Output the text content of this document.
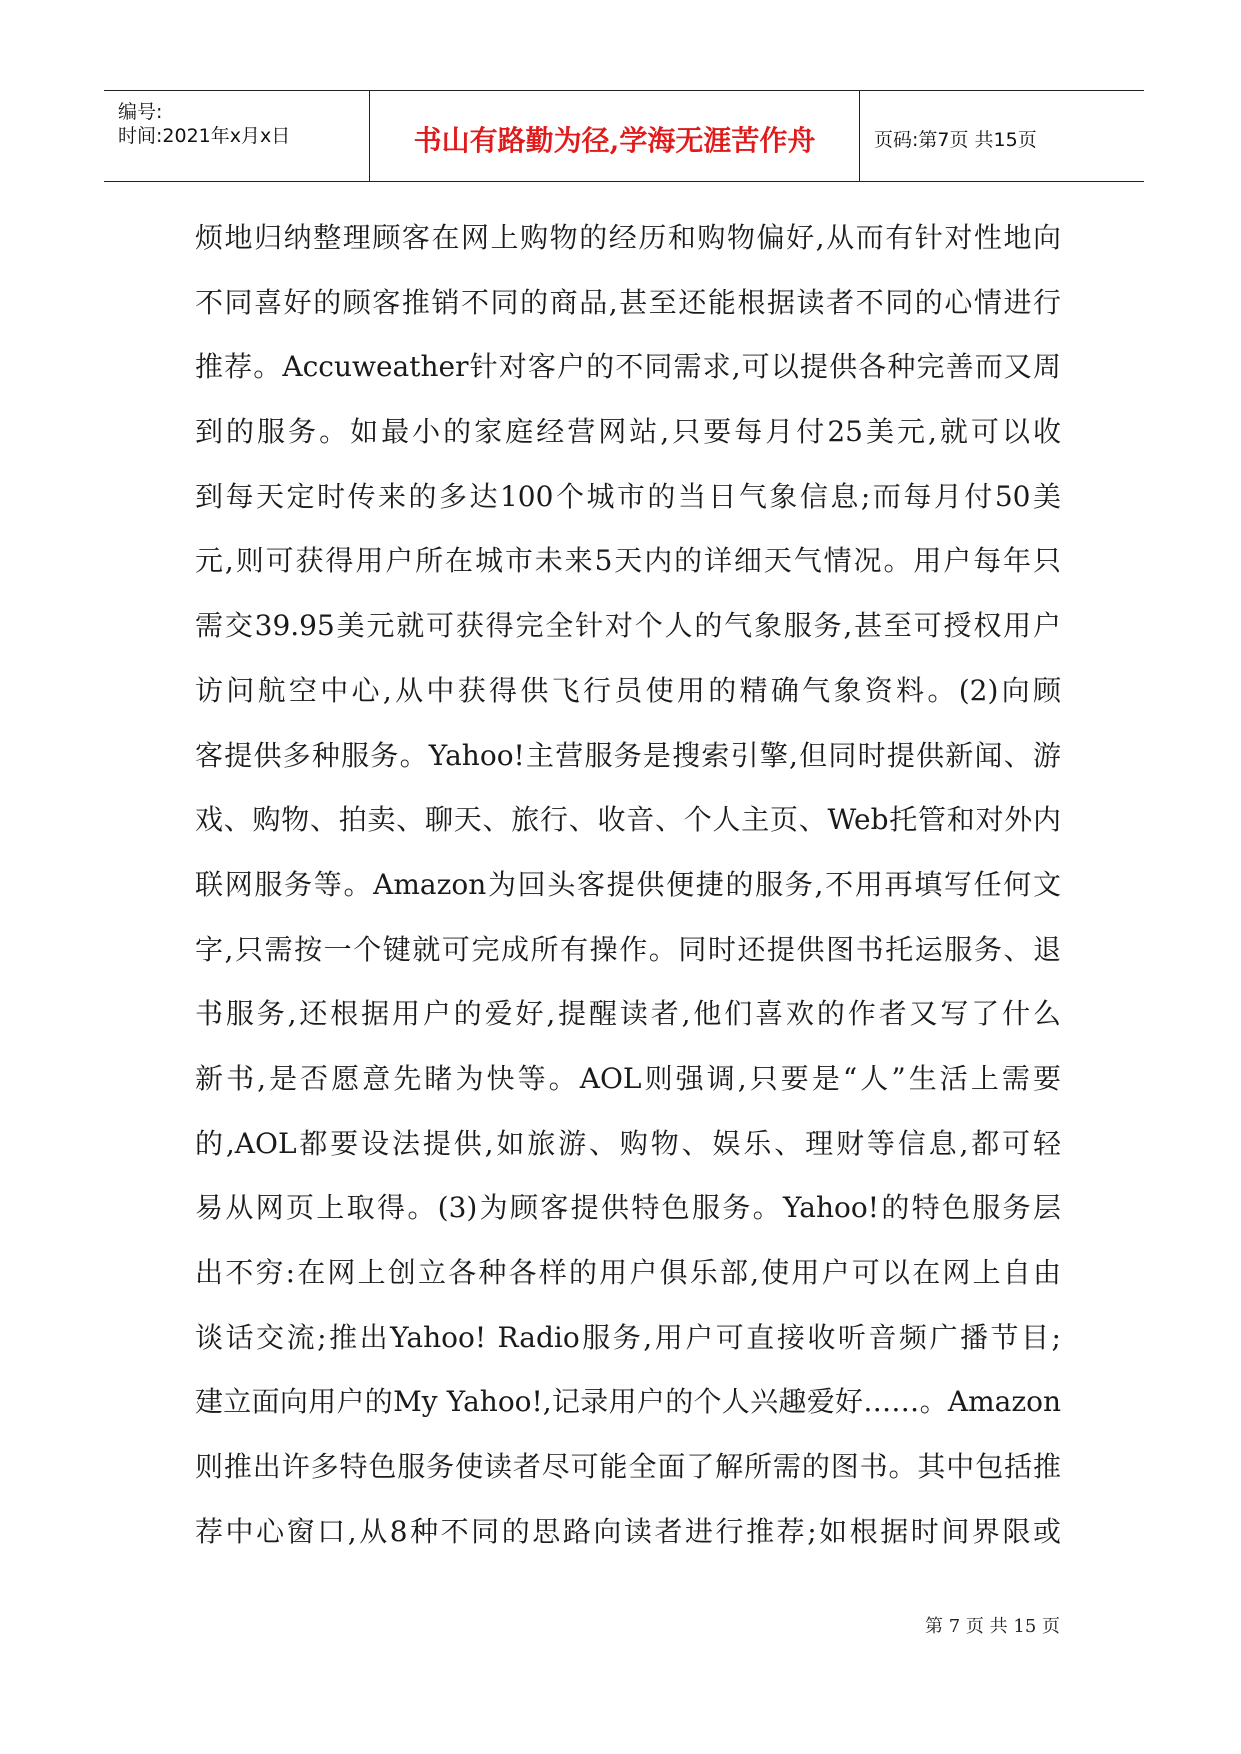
编号:
时间:2021年x月x日	书山有路勤为径,学海无涯苦作舟	页码:第7页 共15页
烦地归纳整理顾客在网上购物的经历和购物偏好,从而有针对性地向
不同喜好的顾客推销不同的商品,甚至还能根据读者不同的心情进行
推荐。Accuweather针对客户的不同需求,可以提供各种完善而又周
到的服务。如最小的家庭经营网站,只要每月付25美元,就可以收
到每天定时传来的多达100个城市的当日气象信息;而每月付50美
元,则可获得用户所在城市未来5天内的详细天气情况。用户每年只
需交39.95美元就可获得完全针对个人的气象服务,甚至可授权用户
访问航空中心,从中获得供飞行员使用的精确气象资料。(2)向顾
客提供多种服务。Yahoo!主营服务是搜索引擎,但同时提供新闻、游
戏、购物、拍卖、聊天、旅行、收音、个人主页、Web托管和对外内
联网服务等。Amazon为回头客提供便捷的服务,不用再填写任何文
字,只需按一个键就可完成所有操作。同时还提供图书托运服务、退
书服务,还根据用户的爱好,提醒读者,他们喜欢的作者又写了什么
新书,是否愿意先睹为快等。AOL则强调,只要是“人”生活上需要
的,AOL都要设法提供,如旅游、购物、娱乐、理财等信息,都可轻
易从网页上取得。(3)为顾客提供特色服务。Yahoo!的特色服务层
出不穷:在网上创立各种各样的用户俱乐部,使用户可以在网上自由
谈话交流;推出Yahoo! Radio服务,用户可直接收听音频广播节目;
建立面向用户的My Yahoo!,记录用户的个人兴趣爱好……。Amazon
则推出许多特色服务使读者尽可能全面了解所需的图书。其中包括推
荐中心窗口,从8种不同的思路向读者进行推荐;如根据时间界限或
第 7 页 共 15 页
